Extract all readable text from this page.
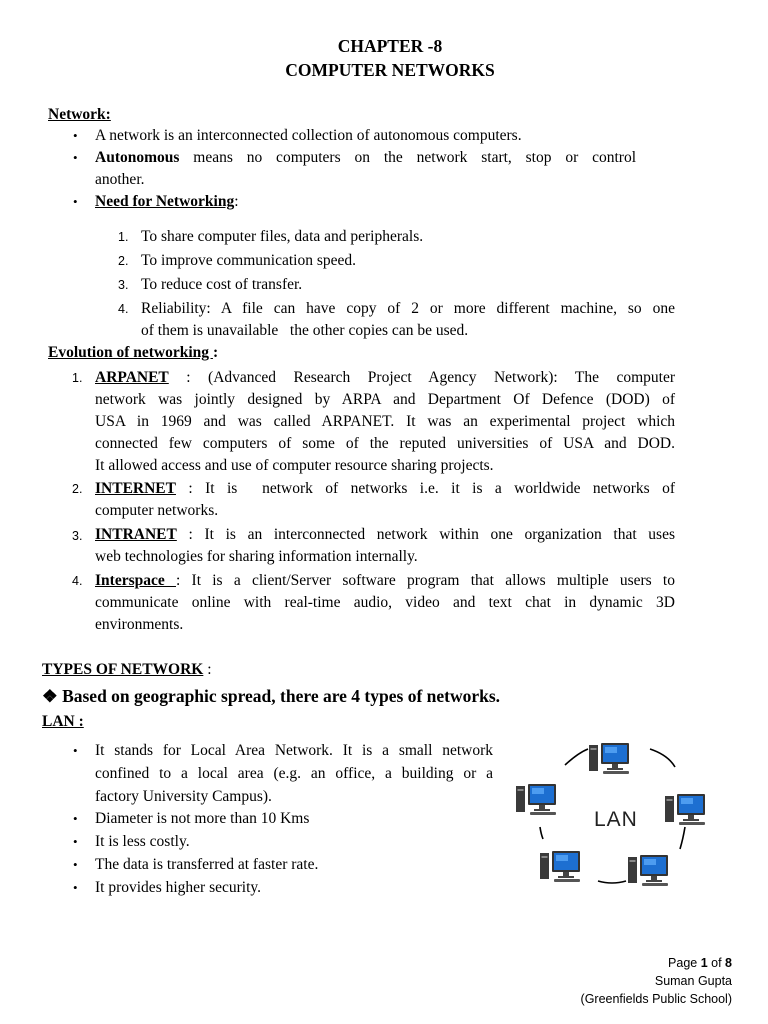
CHAPTER -8
COMPUTER NETWORKS
Network:
• A network is an interconnected collection of autonomous computers.
• Autonomous means no computers on the network start, stop or control
another.
• Need for Networking:
1. To share computer files, data and peripherals.
2. To improve communication speed.
3. To reduce cost of transfer.
4. Reliability: A file can have copy of 2 or more different machine, so one
of them is unavailable   the other copies can be used.
Evolution of networking :
1. ARPANET : (Advanced Research Project Agency Network): The computer
network was jointly designed by ARPA and Department Of Defence (DOD) of
USA in 1969 and was called ARPANET. It was an experimental project which
connected few computers of some of the reputed universities of USA and DOD.
It allowed access and use of computer resource sharing projects.
2. INTERNET : It is  network of networks i.e. it is a worldwide networks of
computer networks.
3. INTRANET : It is an interconnected network within one organization that uses
web technologies for sharing information internally.
4. Interspace : It is a client/Server software program that allows multiple users to
communicate online with real-time audio, video and text chat in dynamic 3D
environments.
TYPES OF NETWORK :
❖ Based on geographic spread, there are 4 types of networks.
LAN :
• It stands for Local Area Network. It is a small network
confined to a local area (e.g. an office, a building or a
factory University Campus).
• Diameter is not more than 10 Kms
• It is less costly.
• The data is transferred at faster rate.
• It provides higher security.
LAN
Page 1 of 8
Suman Gupta
(Greenfields Public School)
